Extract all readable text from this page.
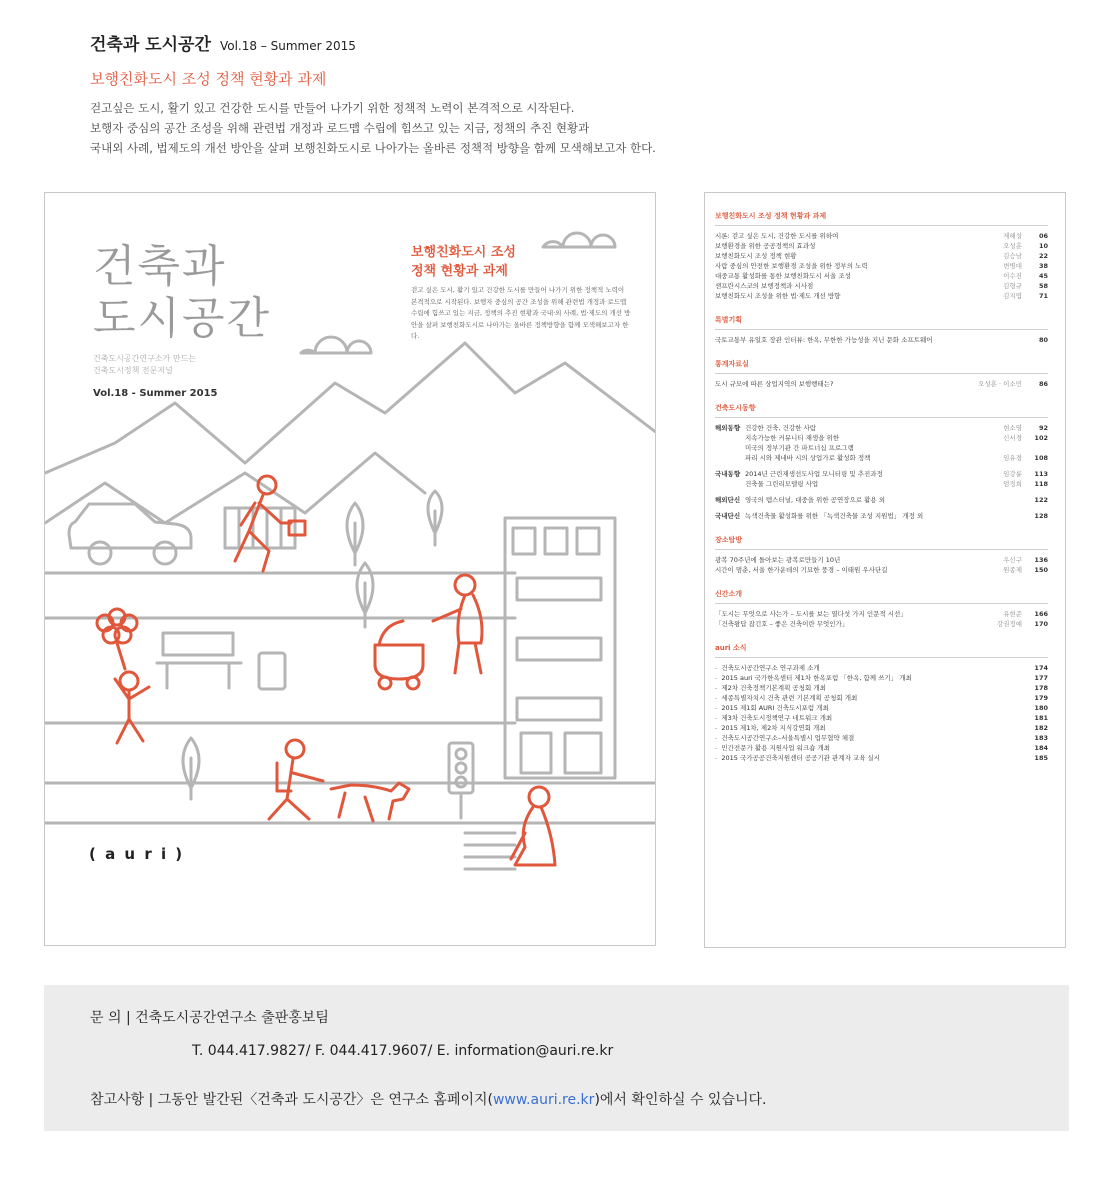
건축과 도시공간 Vol.18 – Summer 2015
보행친화도시 조성 정책 현황과 과제
걷고싶은 도시, 활기 있고 건강한 도시를 만들어 나가기 위한 정책적 노력이 본격적으로 시작된다.
보행자 중심의 공간 조성을 위해 관련법 개정과 로드맵 수립에 힘쓰고 있는 지금, 정책의 추진 현황과
국내외 사례, 법제도의 개선 방안을 살펴 보행친화도시로 나아가는 올바른 정책적 방향을 함께 모색해보고자 한다.
건축과
도시공간
건축도시공간연구소가 만드는
건축도시정책 전문저널
Vol.18 - Summer 2015
보행친화도시 조성
정책 현황과 과제
걷고 싶은 도시, 활기 있고 건강한 도시를 만들어 나가기 위한 정책적 노력이 본격적으로 시작된다. 보행자 중심의 공간 조성을 위해 관련법 개정과 로드맵 수립에 힘쓰고 있는 지금, 정책의 추진 현황과 국내·외 사례, 법·제도의 개선 방안을 살펴 보행친화도시로 나아가는 올바른 정책방향을 함께 모색해보고자 한다.
( a u r i )
보행친화도시 조성 정책 현황과 과제
시론: 걷고 싶은 도시, 건강한 도시를 위하여	제해성	06
보행환경을 위한 공공정책의 효과성	오성훈	10
보행친화도시 조성 정책 현황	김승남	22
사람 중심의 안전한 보행환경 조성을 위한 정부의 노력	변병대	38
대중교통 활성화를 통한 보행친화도시 서울 조성	이수진	45
샌프란시스코의 보행정책과 시사점	김형규	58
보행친화도시 조성을 위한 법·제도 개선 방향	김지엽	71
특별기획
국토교통부 유일호 장관 인터뷰: 한옥, 무한한 가능성을 지닌 문화 소프트웨어	80
통계자료실
도시 규모에 따른 상업지역의 보행행태는?	오성훈 · 이소민	86
건축도시동향
해외동향 건강한 건축, 건강한 사람	현소영	92
지속가능한 커뮤니티 재생을 위한
미국의 정부기관 간 파트너십 프로그램
신서경	102
파리 시와 제네바 시의 상업가로 활성화 정책	임유경	108
국내동향 2014년 근린재생선도사업 모니터링 및 추진과정	임강륜	113
건축물 그린리모델링 사업	엄정희	118
해외단신 영국의 템스터널, 대중을 위한 공연장으로 활용 외	122
국내단신 녹색건축물 활성화를 위한 「녹색건축물 조성 지원법」 개정 외	128
장소탐방
광복 70주년에 돌아보는 광복로만들기 10년	우신구	136
시간이 멈춘, 서울 한가운데의 기묘한 풍경 – 이태원 우사단길	원종제	150
신간소개
「도시는 무엇으로 사는가 – 도시를 보는 열다섯 가지 인문적 시선」	유현준	166
「건축왕답 잡긴호 – 좋은 건축이란 무엇인가」	강권정예	170
auri 소식
- 건축도시공간연구소 연구과제 소개	174
- 2015 auri 국가한옥센터 제1차 한옥포럼 「한옥, 함께 쓰기」 개최	177
- 제2차 건축정책기본계획 공청회 개최	178
- 세종특별자치시 건축 관련 기본계획 공청회 개최	179
- 2015 제1회 AURI 건축도시포럼 개최	180
- 제3차 건축도시정책연구 네트워크 개최	181
- 2015 제1차, 제2차 지식강연회 개최	182
- 건축도시공간연구소–서울특별시 업무협약 체결	183
- 민간전문가 활용 지원사업 워크숍 개최	184
- 2015 국가공공건축지원센터 공공기관 관계자 교육 실시	185
문 의 | 건축도시공간연구소 출판홍보팀
T. 044.417.9827/ F. 044.417.9607/ E. information@auri.re.kr
참고사항 | 그동안 발간된〈건축과 도시공간〉은 연구소 홈페이지(www.auri.re.kr)에서 확인하실 수 있습니다.
